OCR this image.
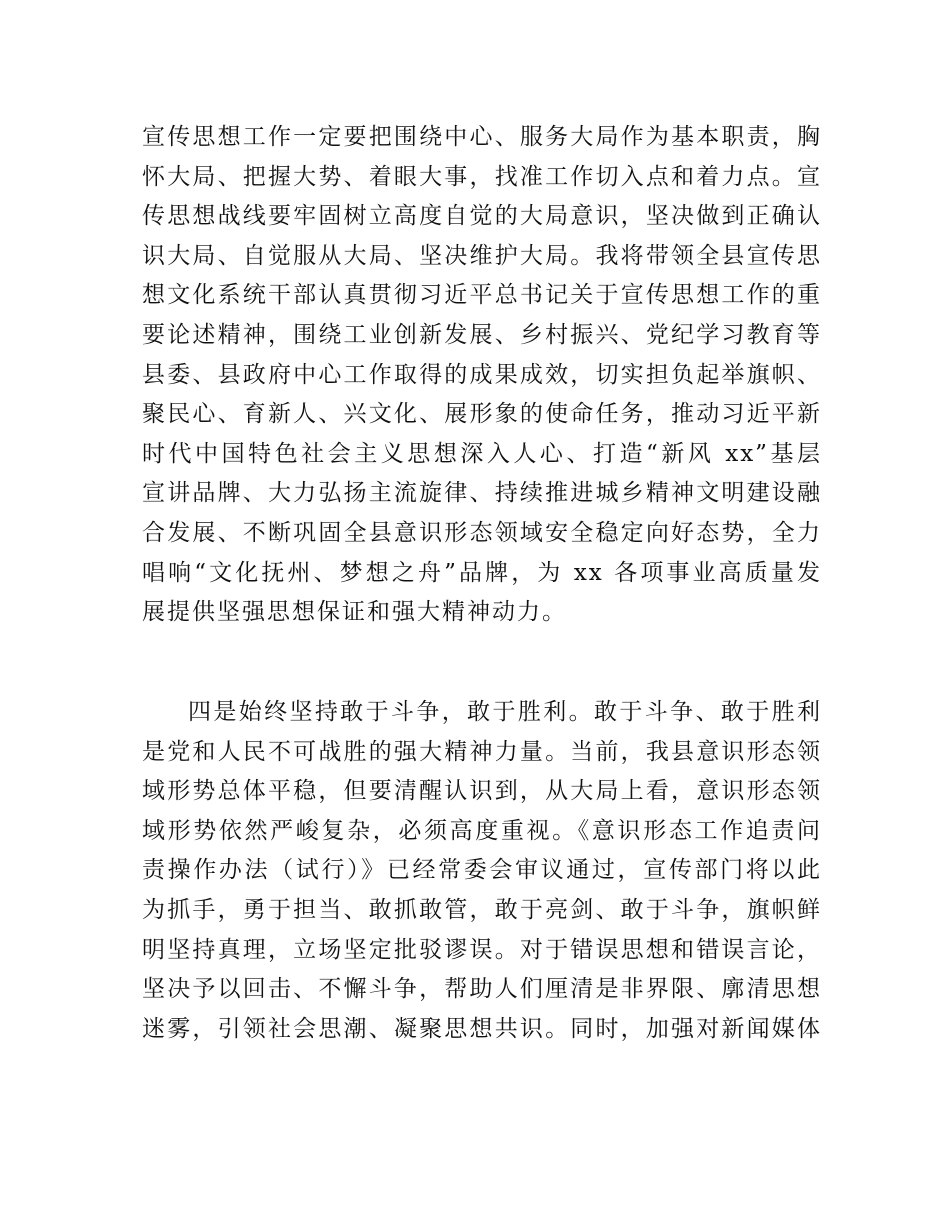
宣传思想工作一定要把围绕中心、服务大局作为基本职责，胸
怀大局、把握大势、着眼大事，找准工作切入点和着力点。宣
传思想战线要牢固树立高度自觉的大局意识，坚决做到正确认
识大局、自觉服从大局、坚决维护大局。我将带领全县宣传思
想文化系统干部认真贯彻习近平总书记关于宣传思想工作的重
要论述精神，围绕工业创新发展、乡村振兴、党纪学习教育等
县委、县政府中心工作取得的成果成效，切实担负起举旗帜、
聚民心、育新人、兴文化、展形象的使命任务，推动习近平新
时代中国特色社会主义思想深入人心、打造“新风 xx”基层
宣讲品牌、大力弘扬主流旋律、持续推进城乡精神文明建设融
合发展、不断巩固全县意识形态领域安全稳定向好态势，全力
唱响“文化抚州、梦想之舟”品牌，为 xx 各项事业高质量发
展提供坚强思想保证和强大精神动力。
四是始终坚持敢于斗争，敢于胜利。敢于斗争、敢于胜利
是党和人民不可战胜的强大精神力量。当前，我县意识形态领
域形势总体平稳，但要清醒认识到，从大局上看，意识形态领
域形势依然严峻复杂，必须高度重视。《意识形态工作追责问
责操作办法（试行）》已经常委会审议通过，宣传部门将以此
为抓手，勇于担当、敢抓敢管，敢于亮剑、敢于斗争，旗帜鲜
明坚持真理，立场坚定批驳谬误。对于错误思想和错误言论，
坚决予以回击、不懈斗争，帮助人们厘清是非界限、廓清思想
迷雾，引领社会思潮、凝聚思想共识。同时，加强对新闻媒体
